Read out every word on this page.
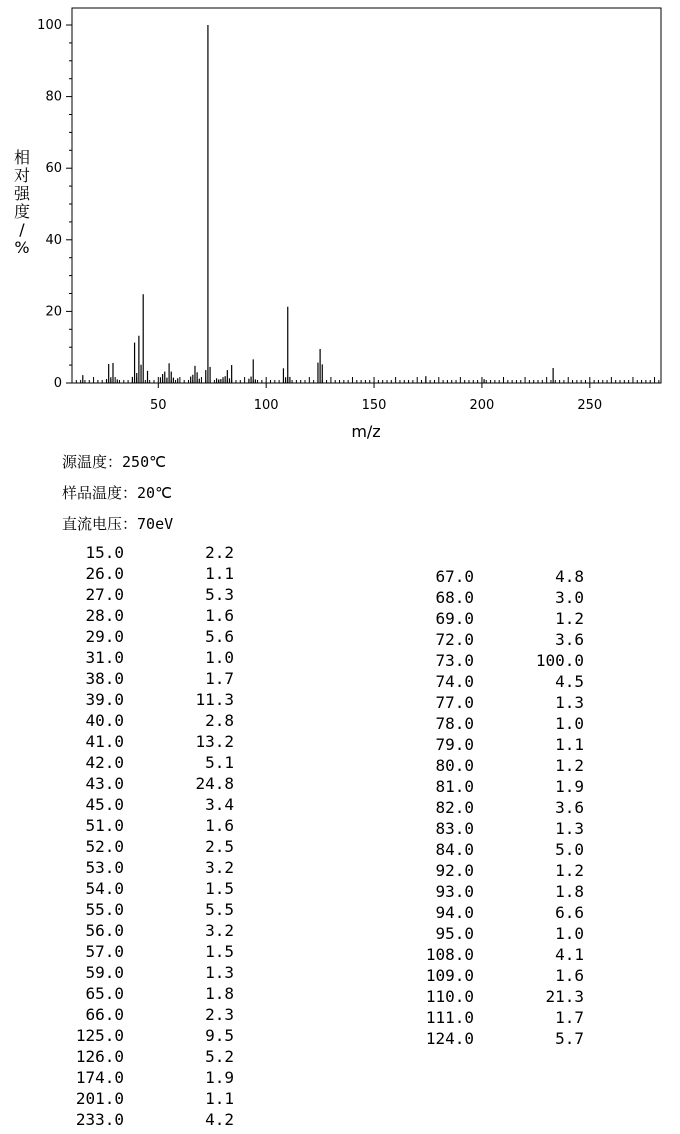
50	100	150	200	250
0
20
40
60
80
100
m/z
相对强度/ %
源温度：250℃
样品温度：20℃
直流电压：70eV
15.0	2.2
26.0	1.1
27.0	5.3
28.0	1.6
29.0	5.6
31.0	1.0
38.0	1.7
39.0	11.3
40.0	2.8
41.0	13.2
42.0	5.1
43.0	24.8
45.0	3.4
51.0	1.6
52.0	2.5
53.0	3.2
54.0	1.5
55.0	5.5
56.0	3.2
57.0	1.5
59.0	1.3
65.0	1.8
66.0	2.3
125.0	9.5
126.0	5.2
174.0	1.9
201.0	1.1
233.0	4.2
67.0	4.8
68.0	3.0
69.0	1.2
72.0	3.6
73.0	100.0
74.0	4.5
77.0	1.3
78.0	1.0
79.0	1.1
80.0	1.2
81.0	1.9
82.0	3.6
83.0	1.3
84.0	5.0
92.0	1.2
93.0	1.8
94.0	6.6
95.0	1.0
108.0	4.1
109.0	1.6
110.0	21.3
111.0	1.7
124.0	5.7
